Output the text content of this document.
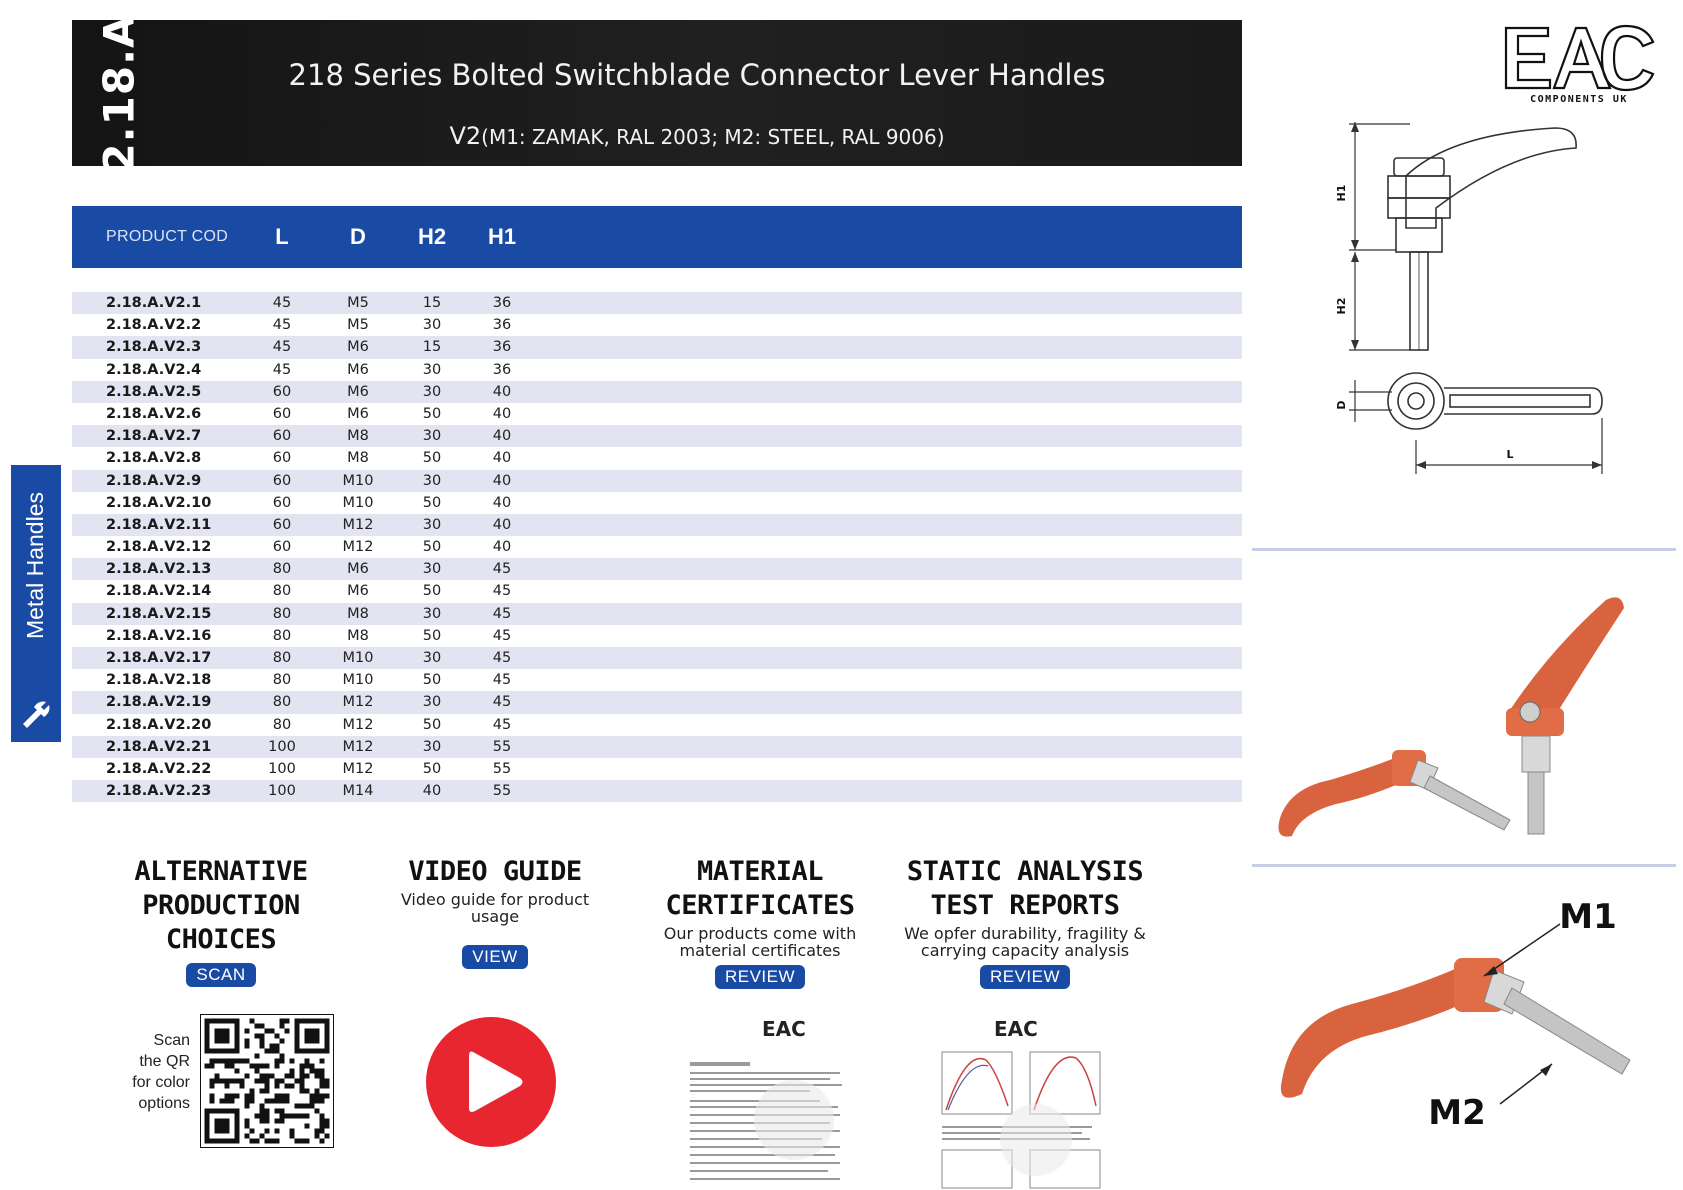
2.18.A	218 Series Bolted Switchblade Connector Lever Handles
V2(M1: ZAMAK, RAL 2003; M2: STEEL, RAL 9006)
PRODUCT COD	L	D	H2	H1
2.18.A.V2.1	45	M5	15	36
2.18.A.V2.2	45	M5	30	36
2.18.A.V2.3	45	M6	15	36
2.18.A.V2.4	45	M6	30	36
2.18.A.V2.5	60	M6	30	40
2.18.A.V2.6	60	M6	50	40
2.18.A.V2.7	60	M8	30	40
2.18.A.V2.8	60	M8	50	40
2.18.A.V2.9	60	M10	30	40
2.18.A.V2.10	60	M10	50	40
2.18.A.V2.11	60	M12	30	40
2.18.A.V2.12	60	M12	50	40
2.18.A.V2.13	80	M6	30	45
2.18.A.V2.14	80	M6	50	45
2.18.A.V2.15	80	M8	30	45
2.18.A.V2.16	80	M8	50	45
2.18.A.V2.17	80	M10	30	45
2.18.A.V2.18	80	M10	50	45
2.18.A.V2.19	80	M12	30	45
2.18.A.V2.20	80	M12	50	45
2.18.A.V2.21	100	M12	30	55
2.18.A.V2.22	100	M12	50	55
2.18.A.V2.23	100	M14	40	55
Metal Handles
COMPONENTS UK
H1
H2
D
L
M1
M2
ALTERNATIVE
PRODUCTION
CHOICES
SCAN
Scan
the QR
for color
options
VIDEO GUIDE
Video guide for product
usage
VIEW
MATERIAL
CERTIFICATES
Our products come with
material certificates
REVIEW
EAC
STATIC ANALYSIS
TEST REPORTS
We opfer durability, fragility &
carrying capacity analysis
REVIEW
EAC
